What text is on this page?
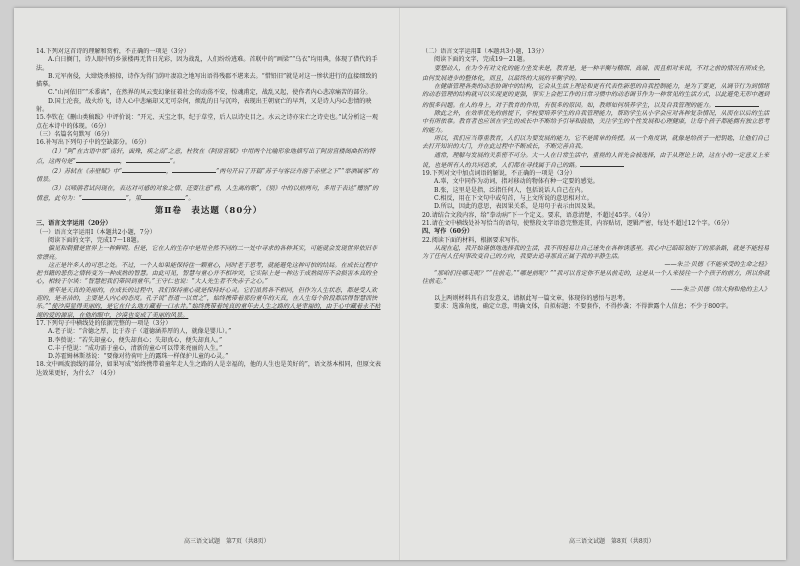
14.下列对这首诗的理解和赏析，不正确的一项是（3分）

A.白日搁门，诗人眼中的乡景楼再无昔日光彩，因为战乱，人们纷纷逃难。首联中的“画梁”“乌衣”均用典，体现了借代的手法。

B.元军南侵，大肆烧杀掳掠，诗作为得门荫叶凄凉之地写出语得残郡不堪来去。“惜铅旧”就是对这一惨状进行的直接细致的描摹。

C.“山河依旧”“禾黍离”，在然界的风云变幻象征着社会的动荡不安，惊魂甫定，战乱又起，使作者内心悲凉痛苦的部分。

D.国土沦丧，战火纷飞，诗人心中悲痛却又无可奈何，烦乱的日与沉吟，表现出王朝衰亡的早判，又是诗人内心悲情的映射。

15.李钦在《删山类稿跋》中评价说：“开元、天宝之事，纪于草堂，后人以诗史目之。水云之诗亦宋亡之诗史也。”试分析这一观点在本诗中的体现。（6分）

（三）名篇名句默写（6分）

16.补写出下列句子中的空缺部分。（6分）

（1）“阿”在古语中常“南轩，面殊，疾之南”之意，杜牧在《阿房宫赋》中用两个比喻形象地描写出了阿房宫楼阁曲折的特点，这两句是“	，	”。

（2）苏轼在《赤壁赋》中“	，	”两句开启了开篇“苏子与客泛舟游于赤壁之下”“举酒属客”的情景。

（3）以啼鹃者试问现在，表达对可感的对象之情、还要注意“鸦，人生离的歌”，《别》中的以前两句，多用于表达“赠别”的情意，此句为：“	”，第	”。

第Ⅱ卷　表达题（80分）

三、语言文字运用（20分）

（一）语言文字运用Ⅰ（本题共2小题，7分）

阅读下面的文字，完成17～18题。

偏见和刺猬是世界上一种鲜明。但是，它在人的生存中是用全然不同的二一处中寻求的各种其实，可能就会发现世界依旧非常漂亮。

这正是许多人的可思之处。不过，一个人如果能保持住一颗童心，同时老于思考，就能避免这种可怕的结局。在成长过程中把书籍的悲伤之情转变为一种成熟的智慧。由此可见，智慧与童心并不相冲突，它实际上是一种达于成熟阅历不会损害本真的全心，相较于尔谈：“智慧把我们带回到童年。”王守仁也说：“大人先生者不失赤子之心。”

童年是天真的美丽的，在成长的过程中，我们保持童心就是保持好心灵。它们虽然各不相同，但作为人生状态，都是受人欢迎的，是圣洁的，主要是人内心的态度。孔子说“吾道一以贯之”，始终携带着那份童年的天真，在人生每个阶段都活得智慧而快乐。”“使沙漠显得美丽的，是它在什么地方藏着一口水井。”始终携带着纯真的童年去人生之路的人是幸福的，由于心中藏着永不枯竭的爱的源泉，在他的眼中，沙漠也变成了美丽的风景。

17.下列句子中横线处的依据完整的一项是（3分）

A.老子说：“含德之厚，比于赤子（道德涵养厚的人，就像是婴儿）。”

B.李贽说：“若失却童心，便失却真心；失却真心，便失却真人。”

C.丰子恺说：“成功需于童心，清新的童心可以带来亮丽的人生。”

D.苏霍姆林斯基说：“要像对待荷叶上的露珠一样保护儿童的心灵。”

18.文中画波浪线的部分，如果写成“始终携带着童年走人生之路的人是幸福的，他的人生也是美好的”，语文基本相同，但原文表达效果更好，为什么？（4分）

（二）语言文字运用Ⅱ（本题共3小题，13分）

阅读下面的文字，完成19～21题。

要想动人，在为今有对文化的能力坐发来是，教育是，是一种平衡与精细、高端、而且相对来说，不对之前的情况有所成全，由何发展进步的整体化，而且，以最终的大展的平衡学的。

在健康管理各类的动态协调中的结构，它会从生活上理论和更有代表性新思的自我控制能力，是为了要更，从调节行为到情绪的动态管理的结构就可以实现更的更强，事实上会把工作的日常习惯中的动态调节作为一种常见的生活方式，以此避免无形中遇到的很多问题。在人的身上，对于教育的作用，有很多的原因。如，教师如何培养学生，以及自我管理的能力。

除此之外，在效率优先的前提下，学校要培养学生的自我管理能力，帮助学生从小学会应对各种复杂情况，从而在以后的生活中有所依靠。教育者也应该在学生的成长中不断给予引导和鼓励，关注学生的个性发展和心理健康，让每个孩子都能拥有独立思考的能力。

所以，我们应当尊重教育，人们以为要发展的能力，它不是简单的传授。从一个角度讲，就像是给孩子一把钥匙，让他们自己去打开知识的大门，并在此过程中不断成长，不断完善自我。

通常，理解与发展的关系密不可分。大一人在日常生活中，重视的人首先会被选择，由于从理论上讲，这在小的一定意义上来说，也是所有人的共同追求，人们都在寻找属于自己的路。

19.下列对文中加点词语的解说，不正确的一项是（3分）

A.辜，文中同作为动词，指对移动的物体有种一定要的感觉。

B.张，这里是是指，泛指任何人，包括说话人自己在内。

C.相反，用在下文句中或句首，与上文所说的意思相对立。

D.所以，因此的意思，表因果关系，是用句于表示由因及果。

20.请结合文段内容，给“拳动病”下一个定义。要求，语意清楚，不超过45字。（4分）

21.请在文中横线处补写恰当的语句，使整段文字语意完整连贯，内容贴切，逻辑严密，每处不超过12个字。（6分）

四、写作（60分）

22.阅读下面的材料，根据要求写作。

从现在起，我开始谨慎地选择我的生活，我不再轻易让自己迷失在各种诱惑里。我心中已暗暗划好了的那条路，就是不能轻易为了任何人任何事改变自己的方向，我要去追寻那真正属于我的平静生活。

——朱兰·贝德《不能承受的生命之轻》

“那咱们往哪走呢？”“往前走。”“哪是前呢？”“我可以肯定你不是从前走的，这是从一个人来接往一个个孩子的前方，所以你就往前走。”

——朱兰·贝德《给大狗和他的主人》

以上两则材料具有启发意义，请据此写一篇文章，体现你的感悟与思考。

要求：选准角度，确定立意，明确文体，自拟标题；不要套作，不得抄袭；不得泄露个人信息；不少于800字。

高三语文试题　第7页（共8页）	高三语文试题　第8页（共8页）
